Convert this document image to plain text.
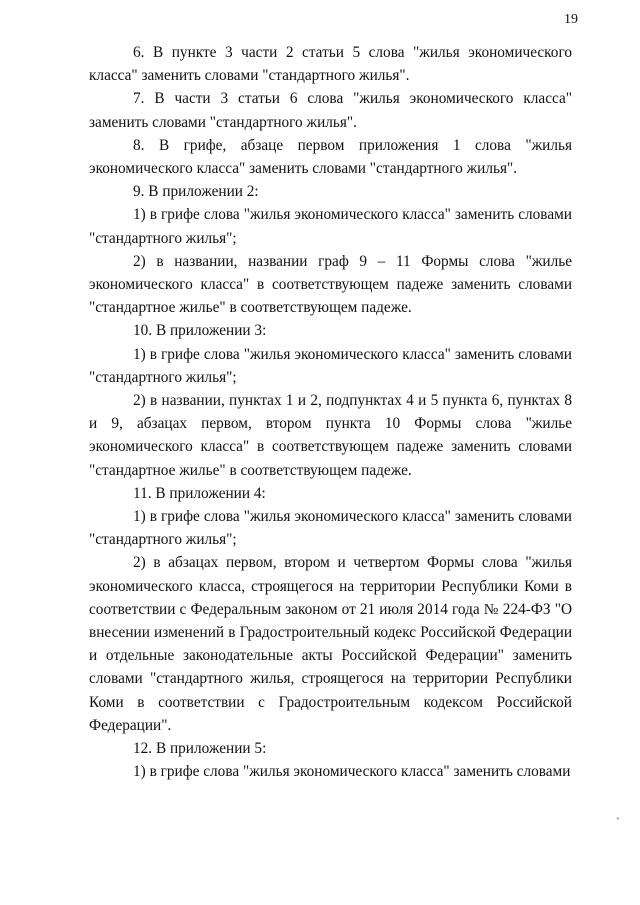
19

6. В пункте 3 части 2 статьи 5 слова "жилья экономического класса" заменить словами "стандартного жилья".

7. В части 3 статьи 6 слова "жилья экономического класса" заменить словами "стандартного жилья".

8. В грифе, абзаце первом приложения 1 слова "жилья экономического класса" заменить словами "стандартного жилья".

9. В приложении 2:

1) в грифе слова "жилья экономического класса" заменить словами "стандартного жилья";

2) в названии, названии граф 9 – 11 Формы слова "жилье экономического класса" в соответствующем падеже заменить словами "стандартное жилье" в соответствующем падеже.

10. В приложении 3:

1) в грифе слова "жилья экономического класса" заменить словами "стандартного жилья";

2) в названии, пунктах 1 и 2, подпунктах 4 и 5 пункта 6, пунктах 8 и 9, абзацах первом, втором пункта 10 Формы слова "жилье экономического класса" в соответствующем падеже заменить словами "стандартное жилье" в соответствующем падеже.

11. В приложении 4:

1) в грифе слова "жилья экономического класса" заменить словами "стандартного жилья";

2) в абзацах первом, втором и четвертом Формы слова "жилья экономического класса, строящегося на территории Республики Коми в соответствии с Федеральным законом от 21 июля 2014 года № 224-ФЗ "О внесении изменений в Градостроительный кодекс Российской Федерации и отдельные законодательные акты Российской Федерации" заменить словами "стандартного жилья, строящегося на территории Республики Коми в соответствии с Градостроительным кодексом Российской Федерации".

12. В приложении 5:

1) в грифе слова "жилья экономического класса" заменить словами

`
